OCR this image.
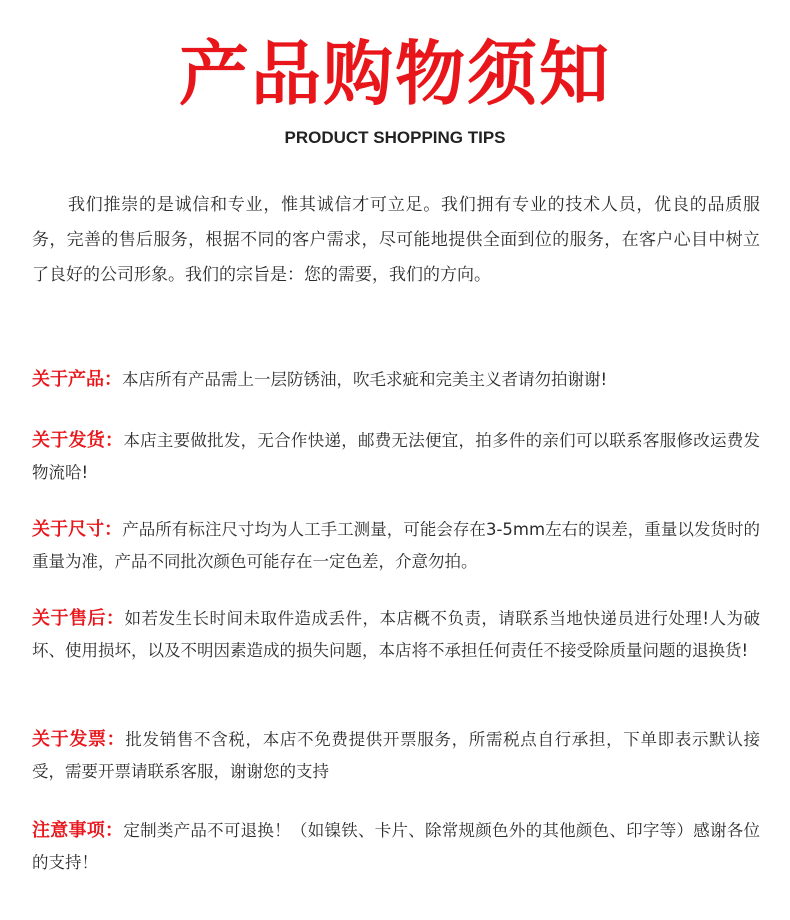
产品购物须知
PRODUCT SHOPPING TIPS

我们推崇的是诚信和专业，惟其诚信才可立足。我们拥有专业的技术人员，优良的品质服务，完善的售后服务，根据不同的客户需求，尽可能地提供全面到位的服务，在客户心目中树立了良好的公司形象。我们的宗旨是：您的需要，我们的方向。

关于产品：本店所有产品需上一层防锈油，吹毛求疵和完美主义者请勿拍谢谢!

关于发货：本店主要做批发，无合作快递，邮费无法便宜，拍多件的亲们可以联系客服修改运费发物流哈!

关于尺寸：产品所有标注尺寸均为人工手工测量，可能会存在3-5mm左右的误差，重量以发货时的重量为准，产品不同批次颜色可能存在一定色差，介意勿拍。

关于售后：如若发生长时间未取件造成丢件，本店概不负责，请联系当地快递员进行处理!人为破坏、使用损坏，以及不明因素造成的损失问题，本店将不承担任何责任不接受除质量问题的退换货!

关于发票：批发销售不含税，本店不免费提供开票服务，所需税点自行承担，下单即表示默认接受，需要开票请联系客服，谢谢您的支持

注意事项：定制类产品不可退换！（如镍铁、卡片、除常规颜色外的其他颜色、印字等）感谢各位的支持！
